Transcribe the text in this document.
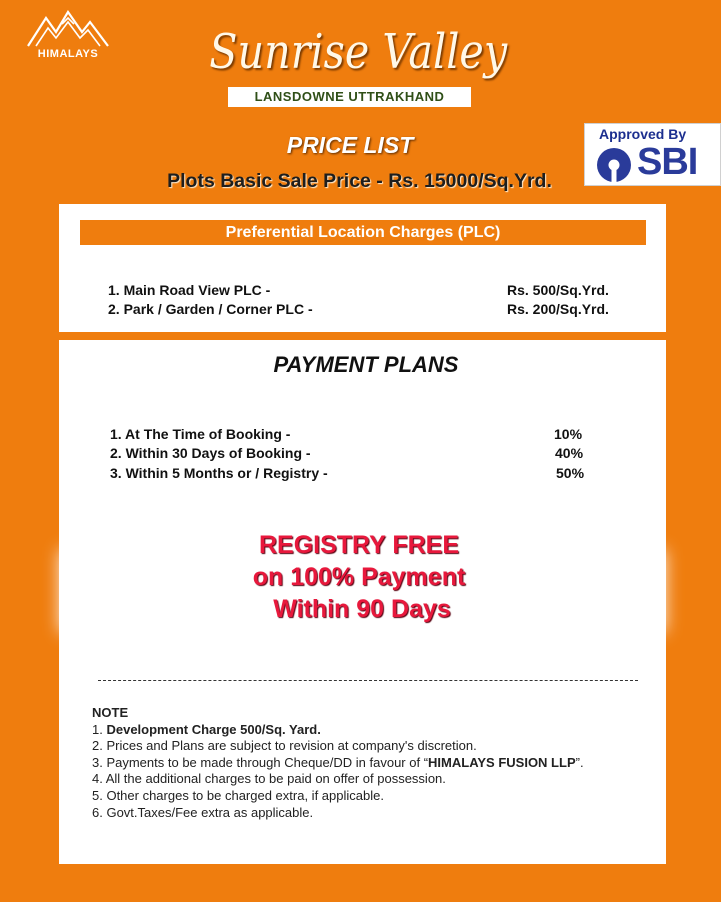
HIMALAYS	Sunrise Valley
LANSDOWNE UTTRAKHAND
PRICE LIST
Plots Basic Sale Price - Rs. 15000/Sq.Yrd.
Approved By
SBI
Preferential Location Charges (PLC)
1. Main Road View PLC -	Rs. 500/Sq.Yrd.
2. Park / Garden / Corner PLC -	Rs. 200/Sq.Yrd.
PAYMENT PLANS
1. At The Time of Booking -	10%
2. Within 30 Days of Booking -	40%
3. Within 5 Months or / Registry -	50%
REGISTRY FREE
on 100% Payment
Within 90 Days
NOTE
1. Development Charge 500/Sq. Yard.
2. Prices and Plans are subject to revision at company's discretion.
3. Payments to be made through Cheque/DD in favour of “HIMALAYS FUSION LLP”.
4. All the additional charges to be paid on offer of possession.
5. Other charges to be charged extra, if applicable.
6. Govt.Taxes/Fee extra as applicable.
